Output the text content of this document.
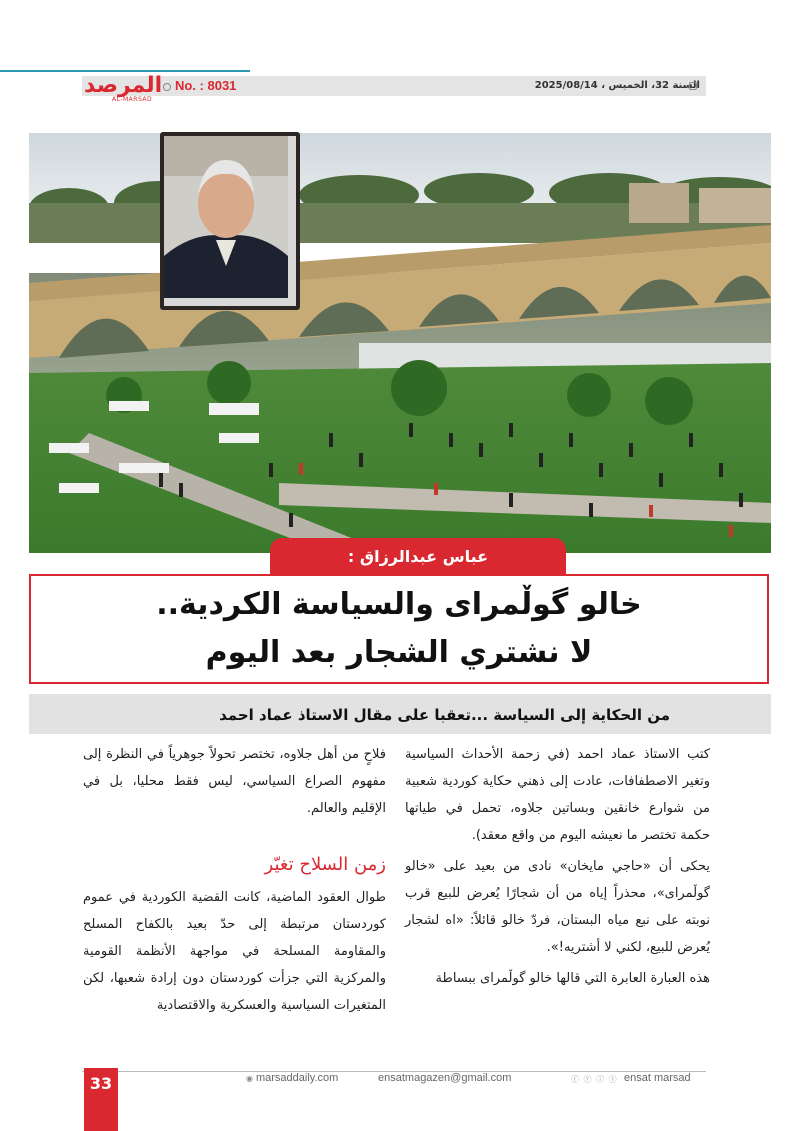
المرصد
AL-MARSAD
No. : 8031	السنة 32، الخميس ، 2025/08/14
عباس عبدالرزاق :
خالو گوڵمرای والسياسة الكردية..
لا نشتري الشجار بعد اليوم
من الحكاية إلى السياسة ...تعقبا على مقال الاستاذ عماد احمد

كتب الاستاذ عماد احمد (في زحمة الأحداث السياسية وتغير الاصطفافات، عادت إلى ذهني حكاية كوردية شعبية من شوارع خانقين وبساتين جلاوه، تحمل في طياتها حكمة تختصر ما نعيشه اليوم من واقع معقد).

يحكى أن «حاجي مايخان» نادى من بعيد على «خالو گوڵمرای»، محذراً إياه من أن شجارًا يُعرض للبيع قرب نوبته على نبع مياه البستان، فردّ خالو قائلاً: «اه لشجار يُعرض للبيع، لكني لا أشتريه!».

هذه العبارة العابرة التي قالها خالو گوڵمرای ببساطة

فلاحٍ من أهل جلاوه، تختصر تحولاً جوهرياً في النظرة إلى مفهوم الصراع السياسي، ليس فقط محليا، بل في الإقليم والعالم.

زمن السلاح تغيّر

طوال العقود الماضية، كانت القضية الكوردية في عموم كوردستان مرتبطة إلى حدّ بعيد بالكفاح المسلح والمقاومة المسلحة في مواجهة الأنظمة القومية والمركزية التي جزأت كوردستان دون إرادة شعبها، لكن المتغيرات السياسية والعسكرية والاقتصادية

33
◉	marsaddaily.com	ensatmagazen@gmail.com	ⓕ ⓨ ⓘ ⓣ ensat marsad
